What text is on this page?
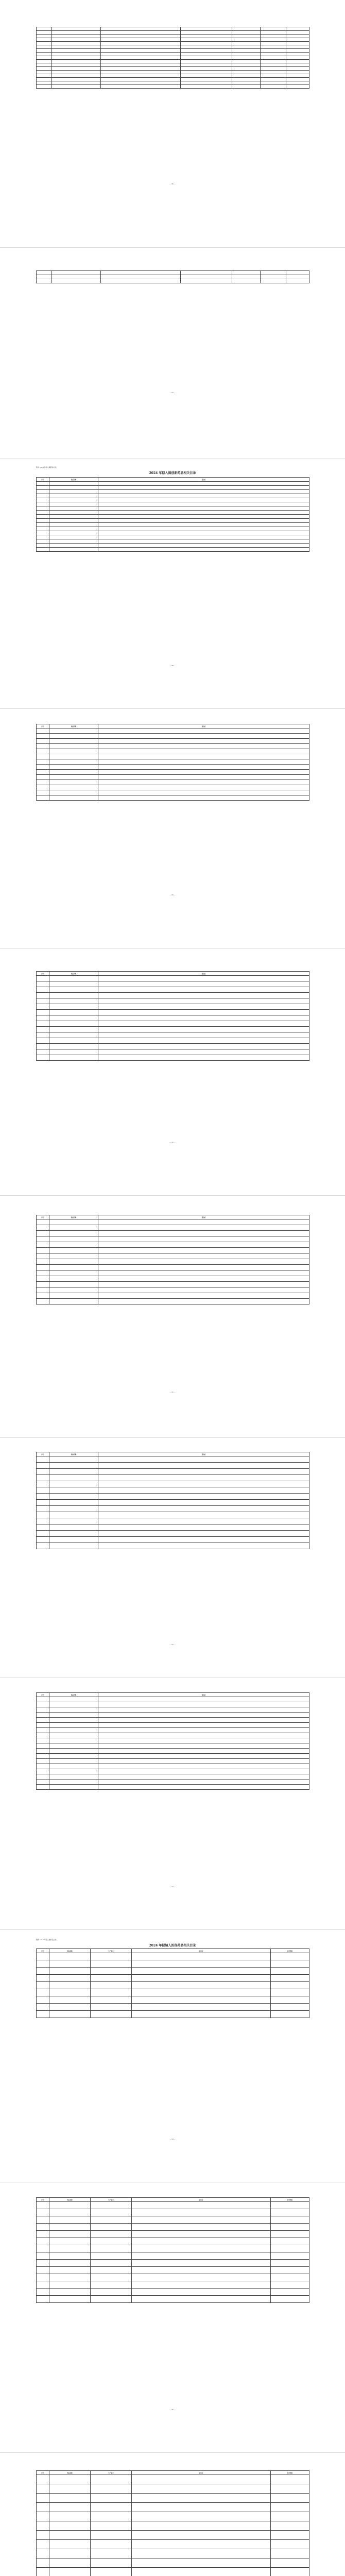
— 86 —

— 87 —
附件 1-2-6 年拟入围药品目录
2024 年拟入围创新药品相关目录
序号	药品名称	适应症

— 88 —
序号	药品名称	适应症

— 89 —
序号	药品名称	适应症

— 90 —
序号	药品名称	适应症

— 91 —
序号	药品名称	适应症

— 92 —
序号	药品名称	适应症

— 93 —
附件 1-2-6 年拟入围药品目录
2024 年拟纳入医保药品相关目录
序号	药品名称	生产企业	适应症	参考价格

— 94 —
序号	药品名称	生产企业	适应症	参考价格

— 95 —
序号	药品名称	生产企业	适应症	参考价格
